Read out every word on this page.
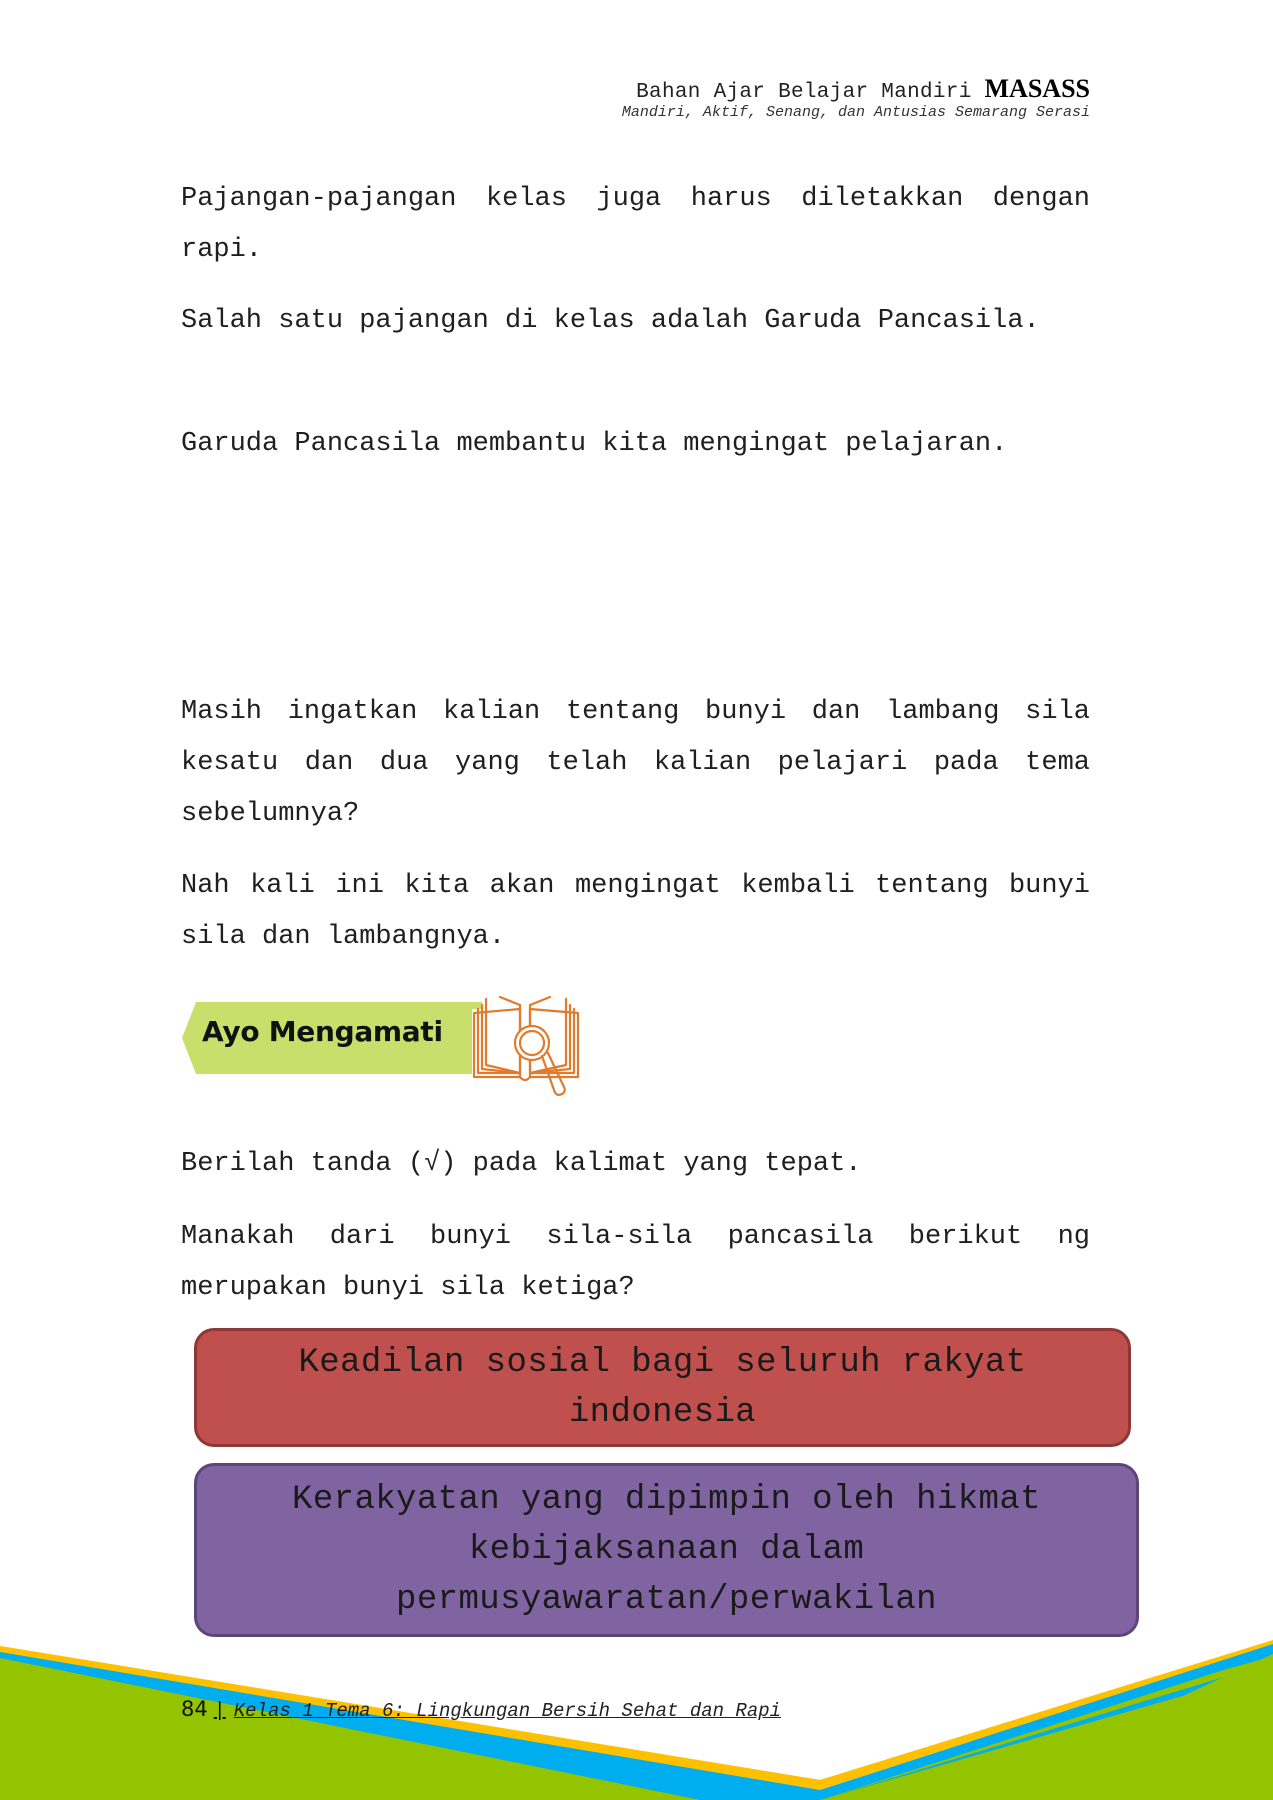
Bahan Ajar Belajar Mandiri MASASS
Mandiri, Aktif, Senang, dan Antusias Semarang Serasi

Pajangan-pajangan kelas juga harus diletakkan dengan rapi.

Salah satu pajangan di kelas adalah Garuda Pancasila.

Garuda Pancasila membantu kita mengingat pelajaran.

Masih ingatkan kalian tentang bunyi dan lambang sila kesatu dan dua yang telah kalian pelajari pada tema sebelumnya?

Nah kali ini kita akan mengingat kembali tentang bunyi sila dan lambangnya.

Ayo Mengamati

Berilah tanda (√) pada kalimat yang tepat.

Manakah dari bunyi sila-sila pancasila berikut ng merupakan bunyi sila ketiga?

Keadilan sosial bagi seluruh rakyat indonesia
Kerakyatan yang dipimpin oleh hikmat kebijaksanaan dalam permusyawaratan/perwakilan
84 | Kelas 1 Tema 6: Lingkungan Bersih Sehat dan Rapi
